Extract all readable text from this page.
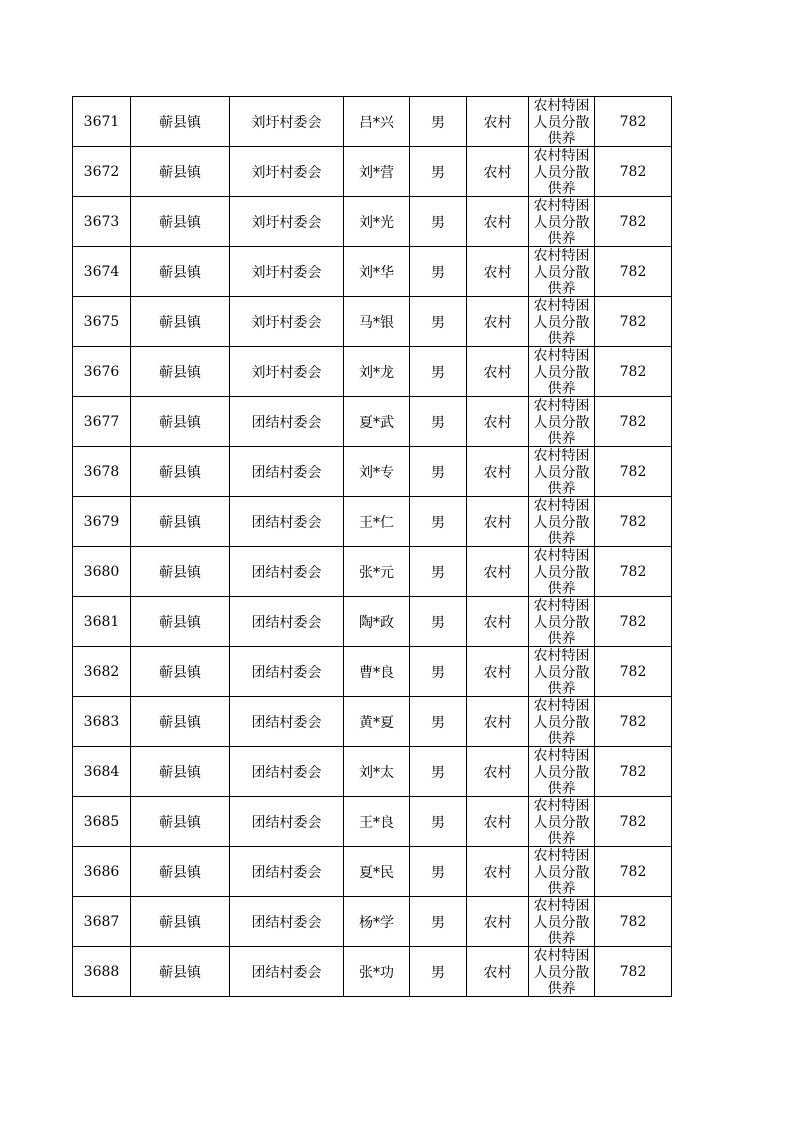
3671	蕲县镇	刘圩村委会	吕*兴	男	农村	农村特困人员分散供养	782
3672	蕲县镇	刘圩村委会	刘*营	男	农村	农村特困人员分散供养	782
3673	蕲县镇	刘圩村委会	刘*光	男	农村	农村特困人员分散供养	782
3674	蕲县镇	刘圩村委会	刘*华	男	农村	农村特困人员分散供养	782
3675	蕲县镇	刘圩村委会	马*银	男	农村	农村特困人员分散供养	782
3676	蕲县镇	刘圩村委会	刘*龙	男	农村	农村特困人员分散供养	782
3677	蕲县镇	团结村委会	夏*武	男	农村	农村特困人员分散供养	782
3678	蕲县镇	团结村委会	刘*专	男	农村	农村特困人员分散供养	782
3679	蕲县镇	团结村委会	王*仁	男	农村	农村特困人员分散供养	782
3680	蕲县镇	团结村委会	张*元	男	农村	农村特困人员分散供养	782
3681	蕲县镇	团结村委会	陶*政	男	农村	农村特困人员分散供养	782
3682	蕲县镇	团结村委会	曹*良	男	农村	农村特困人员分散供养	782
3683	蕲县镇	团结村委会	黄*夏	男	农村	农村特困人员分散供养	782
3684	蕲县镇	团结村委会	刘*太	男	农村	农村特困人员分散供养	782
3685	蕲县镇	团结村委会	王*良	男	农村	农村特困人员分散供养	782
3686	蕲县镇	团结村委会	夏*民	男	农村	农村特困人员分散供养	782
3687	蕲县镇	团结村委会	杨*学	男	农村	农村特困人员分散供养	782
3688	蕲县镇	团结村委会	张*功	男	农村	农村特困人员分散供养	782
